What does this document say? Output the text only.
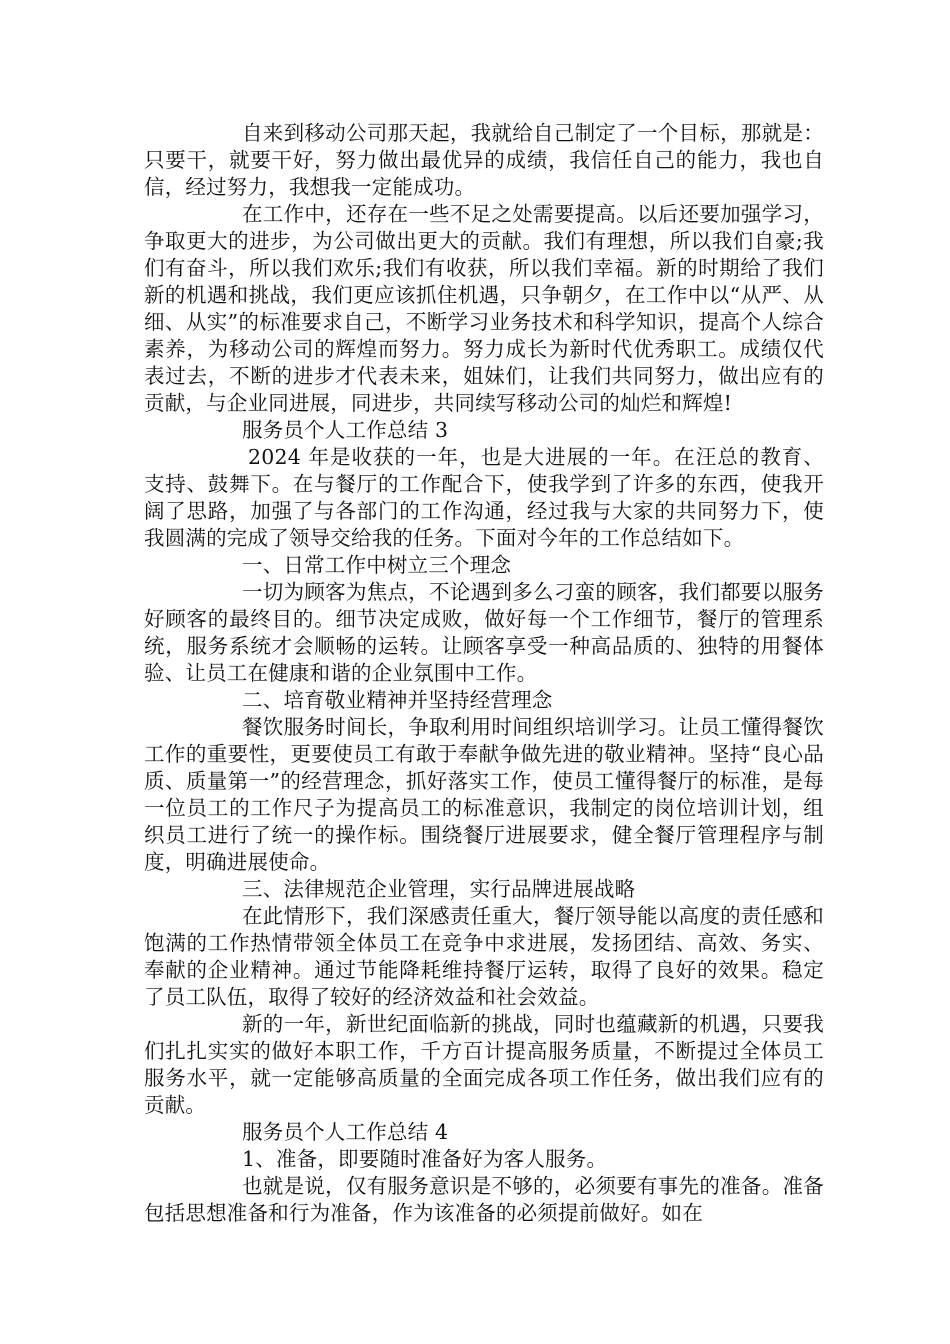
自来到移动公司那天起，我就给自己制定了一个目标，那就是：只要干，就要干好，努力做出最优异的成绩，我信任自己的能力，我也自信，经过努力，我想我一定能成功。

在工作中，还存在一些不足之处需要提高。以后还要加强学习，争取更大的进步，为公司做出更大的贡献。我们有理想，所以我们自豪;我们有奋斗，所以我们欢乐;我们有收获，所以我们幸福。新的时期给了我们新的机遇和挑战，我们更应该抓住机遇，只争朝夕，在工作中以“从严、从细、从实”的标准要求自己，不断学习业务技术和科学知识，提高个人综合素养，为移动公司的辉煌而努力。努力成长为新时代优秀职工。成绩仅代表过去，不断的进步才代表未来，姐妹们，让我们共同努力，做出应有的贡献，与企业同进展，同进步，共同续写移动公司的灿烂和辉煌!

服务员个人工作总结 3

2024 年是收获的一年，也是大进展的一年。在汪总的教育、支持、鼓舞下。在与餐厅的工作配合下，使我学到了许多的东西，使我开阔了思路，加强了与各部门的工作沟通，经过我与大家的共同努力下，使我圆满的完成了领导交给我的任务。下面对今年的工作总结如下。

一、日常工作中树立三个理念

一切为顾客为焦点，不论遇到多么刁蛮的顾客，我们都要以服务好顾客的最终目的。细节决定成败，做好每一个工作细节，餐厅的管理系统，服务系统才会顺畅的运转。让顾客享受一种高品质的、独特的用餐体验、让员工在健康和谐的企业氛围中工作。

二、培育敬业精神并坚持经营理念

餐饮服务时间长，争取利用时间组织培训学习。让员工懂得餐饮工作的重要性，更要使员工有敢于奉献争做先进的敬业精神。坚持“良心品质、质量第一”的经营理念，抓好落实工作，使员工懂得餐厅的标准，是每一位员工的工作尺子为提高员工的标准意识，我制定的岗位培训计划，组织员工进行了统一的操作标。围绕餐厅进展要求，健全餐厅管理程序与制度，明确进展使命。

三、法律规范企业管理，实行品牌进展战略

在此情形下，我们深感责任重大，餐厅领导能以高度的责任感和饱满的工作热情带领全体员工在竞争中求进展，发扬团结、高效、务实、奉献的企业精神。通过节能降耗维持餐厅运转，取得了良好的效果。稳定了员工队伍，取得了较好的经济效益和社会效益。

新的一年，新世纪面临新的挑战，同时也蕴藏新的机遇，只要我们扎扎实实的做好本职工作，千方百计提高服务质量，不断提过全体员工服务水平，就一定能够高质量的全面完成各项工作任务，做出我们应有的贡献。

服务员个人工作总结 4

1、准备，即要随时准备好为客人服务。

也就是说，仅有服务意识是不够的，必须要有事先的准备。准备包括思想准备和行为准备，作为该准备的必须提前做好。如在
